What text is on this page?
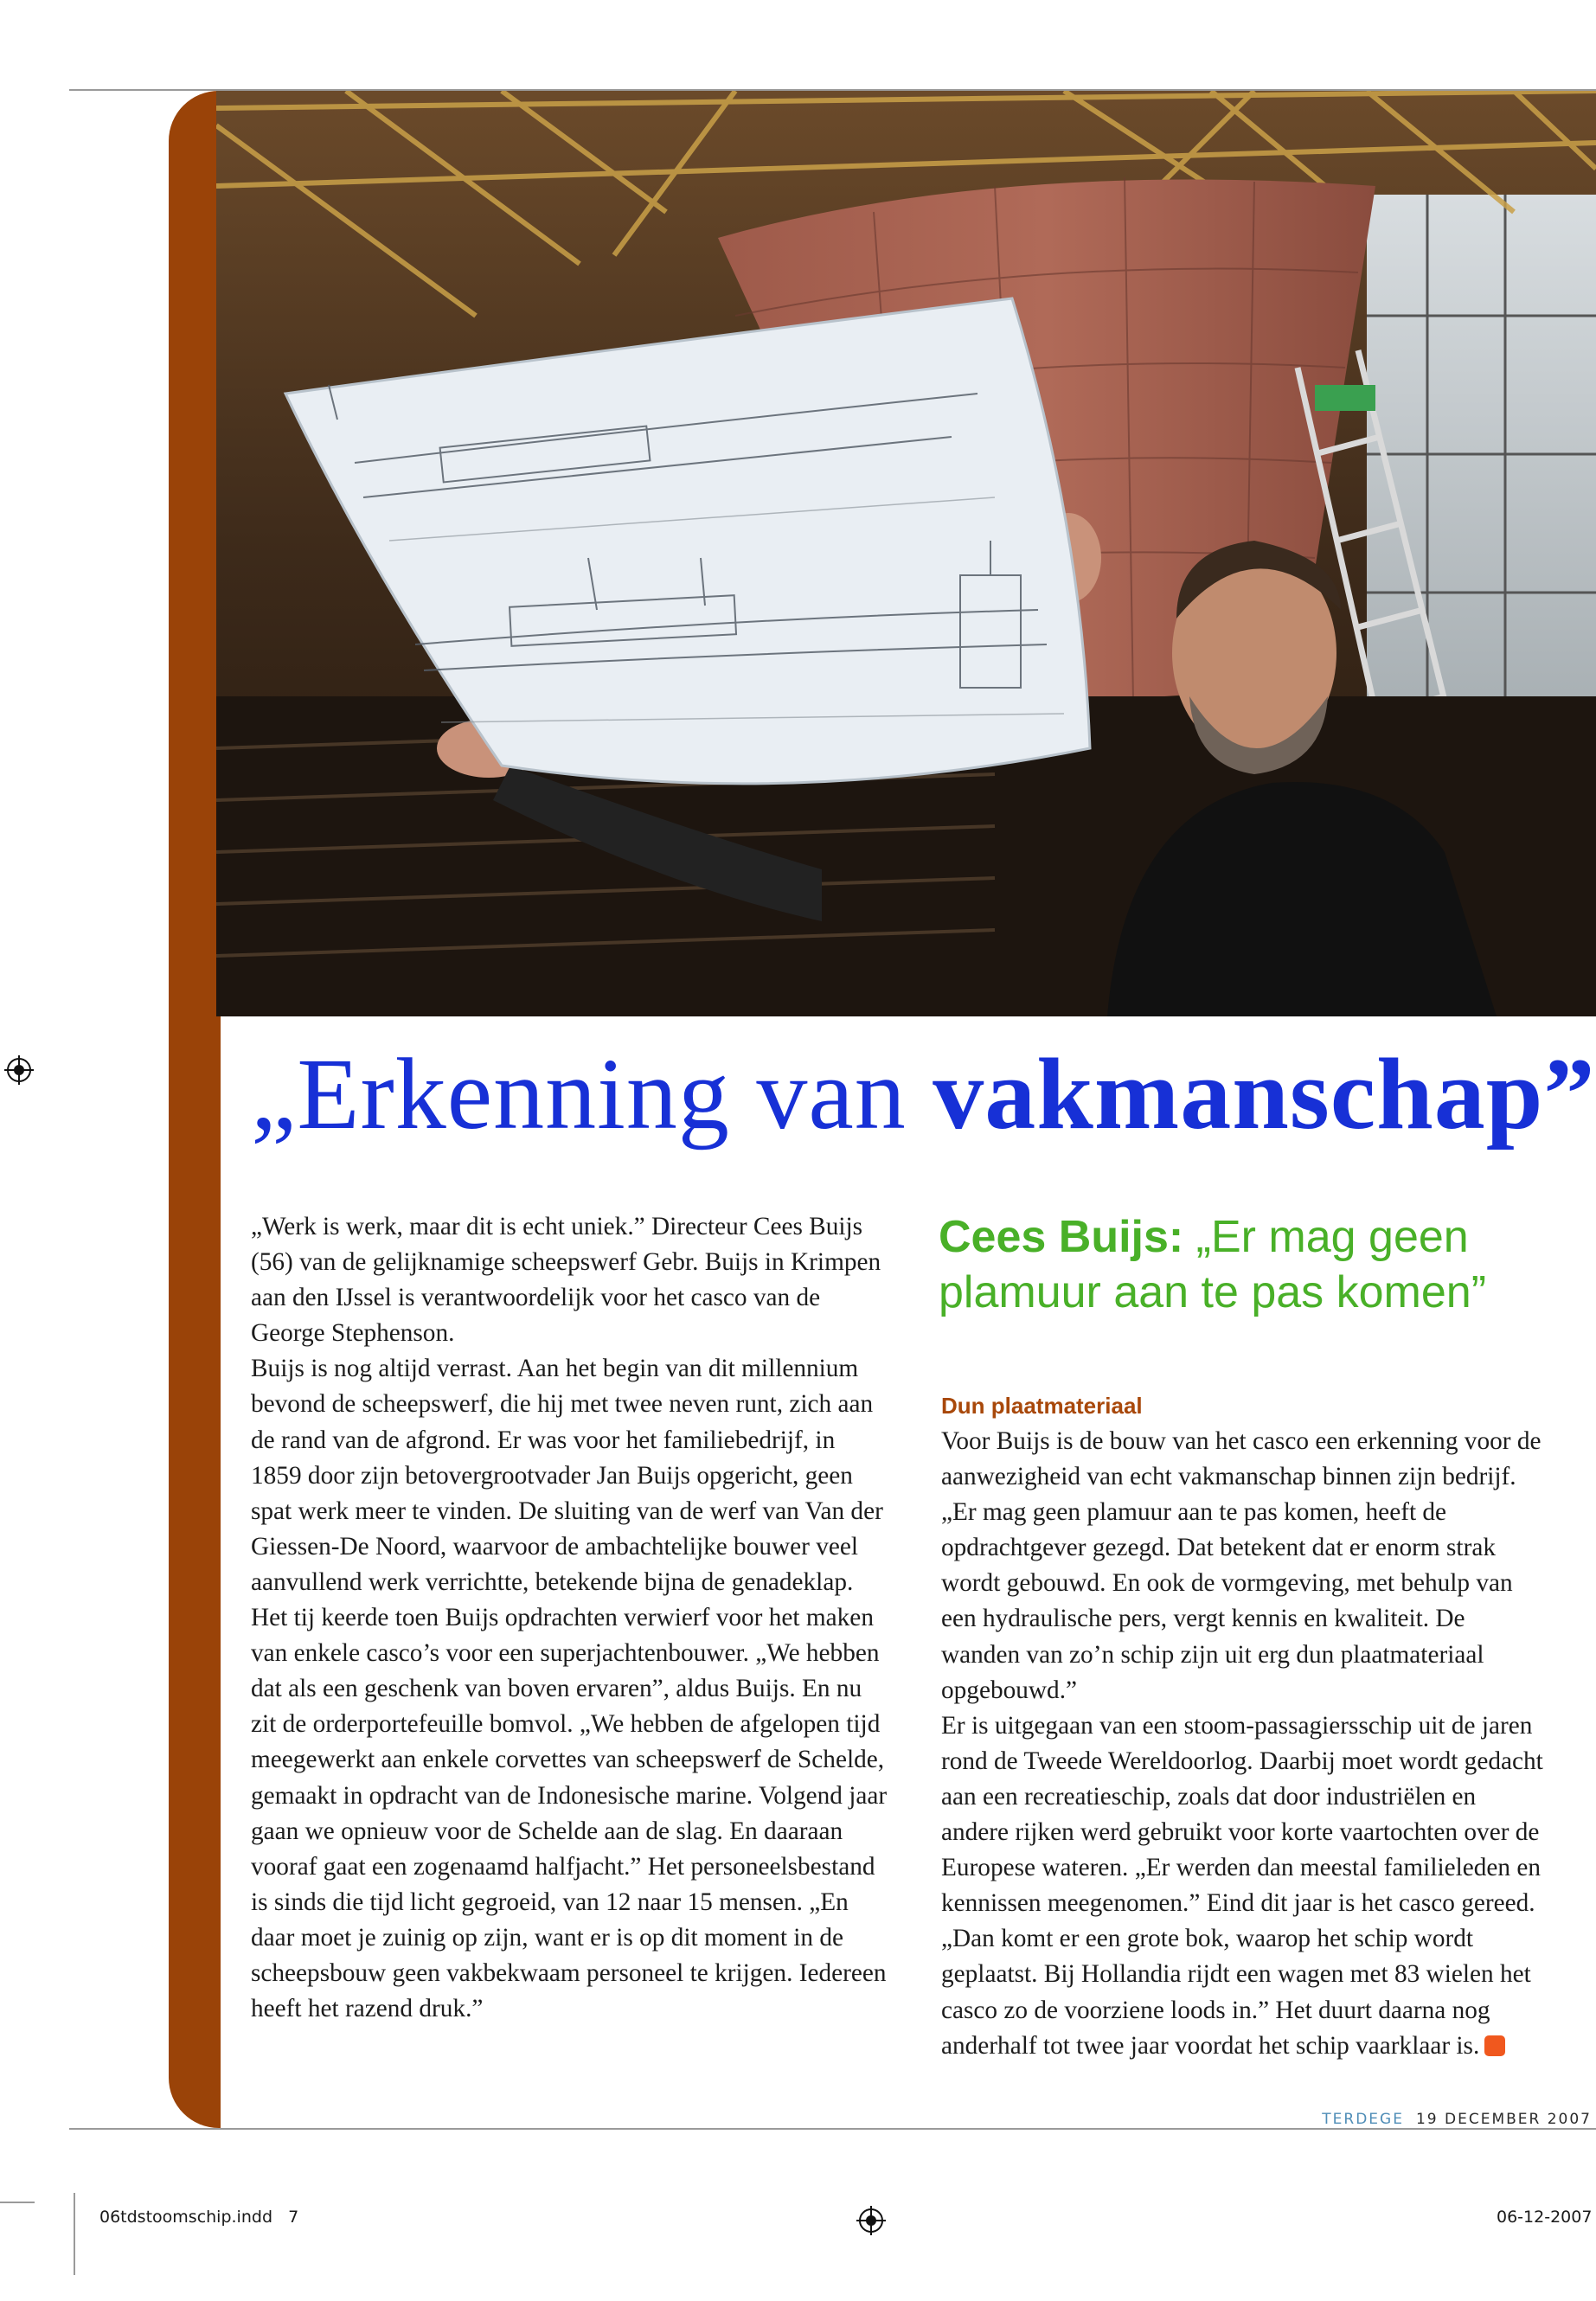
„Erkenning van vakmanschap”

„Werk is werk, maar dit is echt uniek.” Directeur Cees Buijs (56) van de gelijknamige scheepswerf Gebr. Buijs in Krimpen aan den IJssel is verantwoordelijk voor het casco van de George Stephenson.

Buijs is nog altijd verrast. Aan het begin van dit millennium bevond de scheepswerf, die hij met twee neven runt, zich aan de rand van de afgrond. Er was voor het familiebedrijf, in 1859 door zijn betovergrootvader Jan Buijs opgericht, geen spat werk meer te vinden. De sluiting van de werf van Van der Giessen-De Noord, waarvoor de ambachtelijke bouwer veel aanvullend werk verrichtte, betekende bijna de genadeklap.

Het tij keerde toen Buijs opdrachten verwierf voor het maken van enkele casco’s voor een superjachtenbouwer. „We hebben dat als een geschenk van boven ervaren”, aldus Buijs. En nu zit de orderportefeuille bomvol. „We hebben de afgelopen tijd meegewerkt aan enkele corvettes van scheepswerf de Schelde, gemaakt in opdracht van de Indonesische marine. Volgend jaar gaan we opnieuw voor de Schelde aan de slag. En daaraan vooraf gaat een zogenaamd halfjacht.” Het personeelsbestand is sinds die tijd licht gegroeid, van 12 naar 15 mensen. „En daar moet je zuinig op zijn, want er is op dit moment in de scheepsbouw geen vakbekwaam personeel te krijgen. Iedereen heeft het razend druk.”

Cees Buijs: „Er mag geen plamuur aan te pas komen”
Dun plaatmateriaal

Voor Buijs is de bouw van het casco een erkenning voor de aanwezigheid van echt vakmanschap binnen zijn bedrijf. „Er mag geen plamuur aan te pas komen, heeft de opdrachtgever gezegd. Dat betekent dat er enorm strak wordt gebouwd. En ook de vormgeving, met behulp van een hydraulische pers, vergt kennis en kwaliteit. De wanden van zo’n schip zijn uit erg dun plaatmateriaal opgebouwd.”

Er is uitgegaan van een stoom-passagiersschip uit de jaren rond de Tweede Wereldoorlog. Daarbij moet wordt gedacht aan een recreatieschip, zoals dat door industriëlen en andere rijken werd gebruikt voor korte vaartochten over de Europese wateren. „Er werden dan meestal familieleden en kennissen meegenomen.” Eind dit jaar is het casco gereed. „Dan komt er een grote bok, waarop het schip wordt geplaatst. Bij Hollandia rijdt een wagen met 83 wielen het casco zo de voorziene loods in.” Het duurt daarna nog anderhalf tot twee jaar voordat het schip vaarklaar is.

TERDEGE 19 DECEMBER 2007
06tdstoomschip.indd   7	06-12-2007
